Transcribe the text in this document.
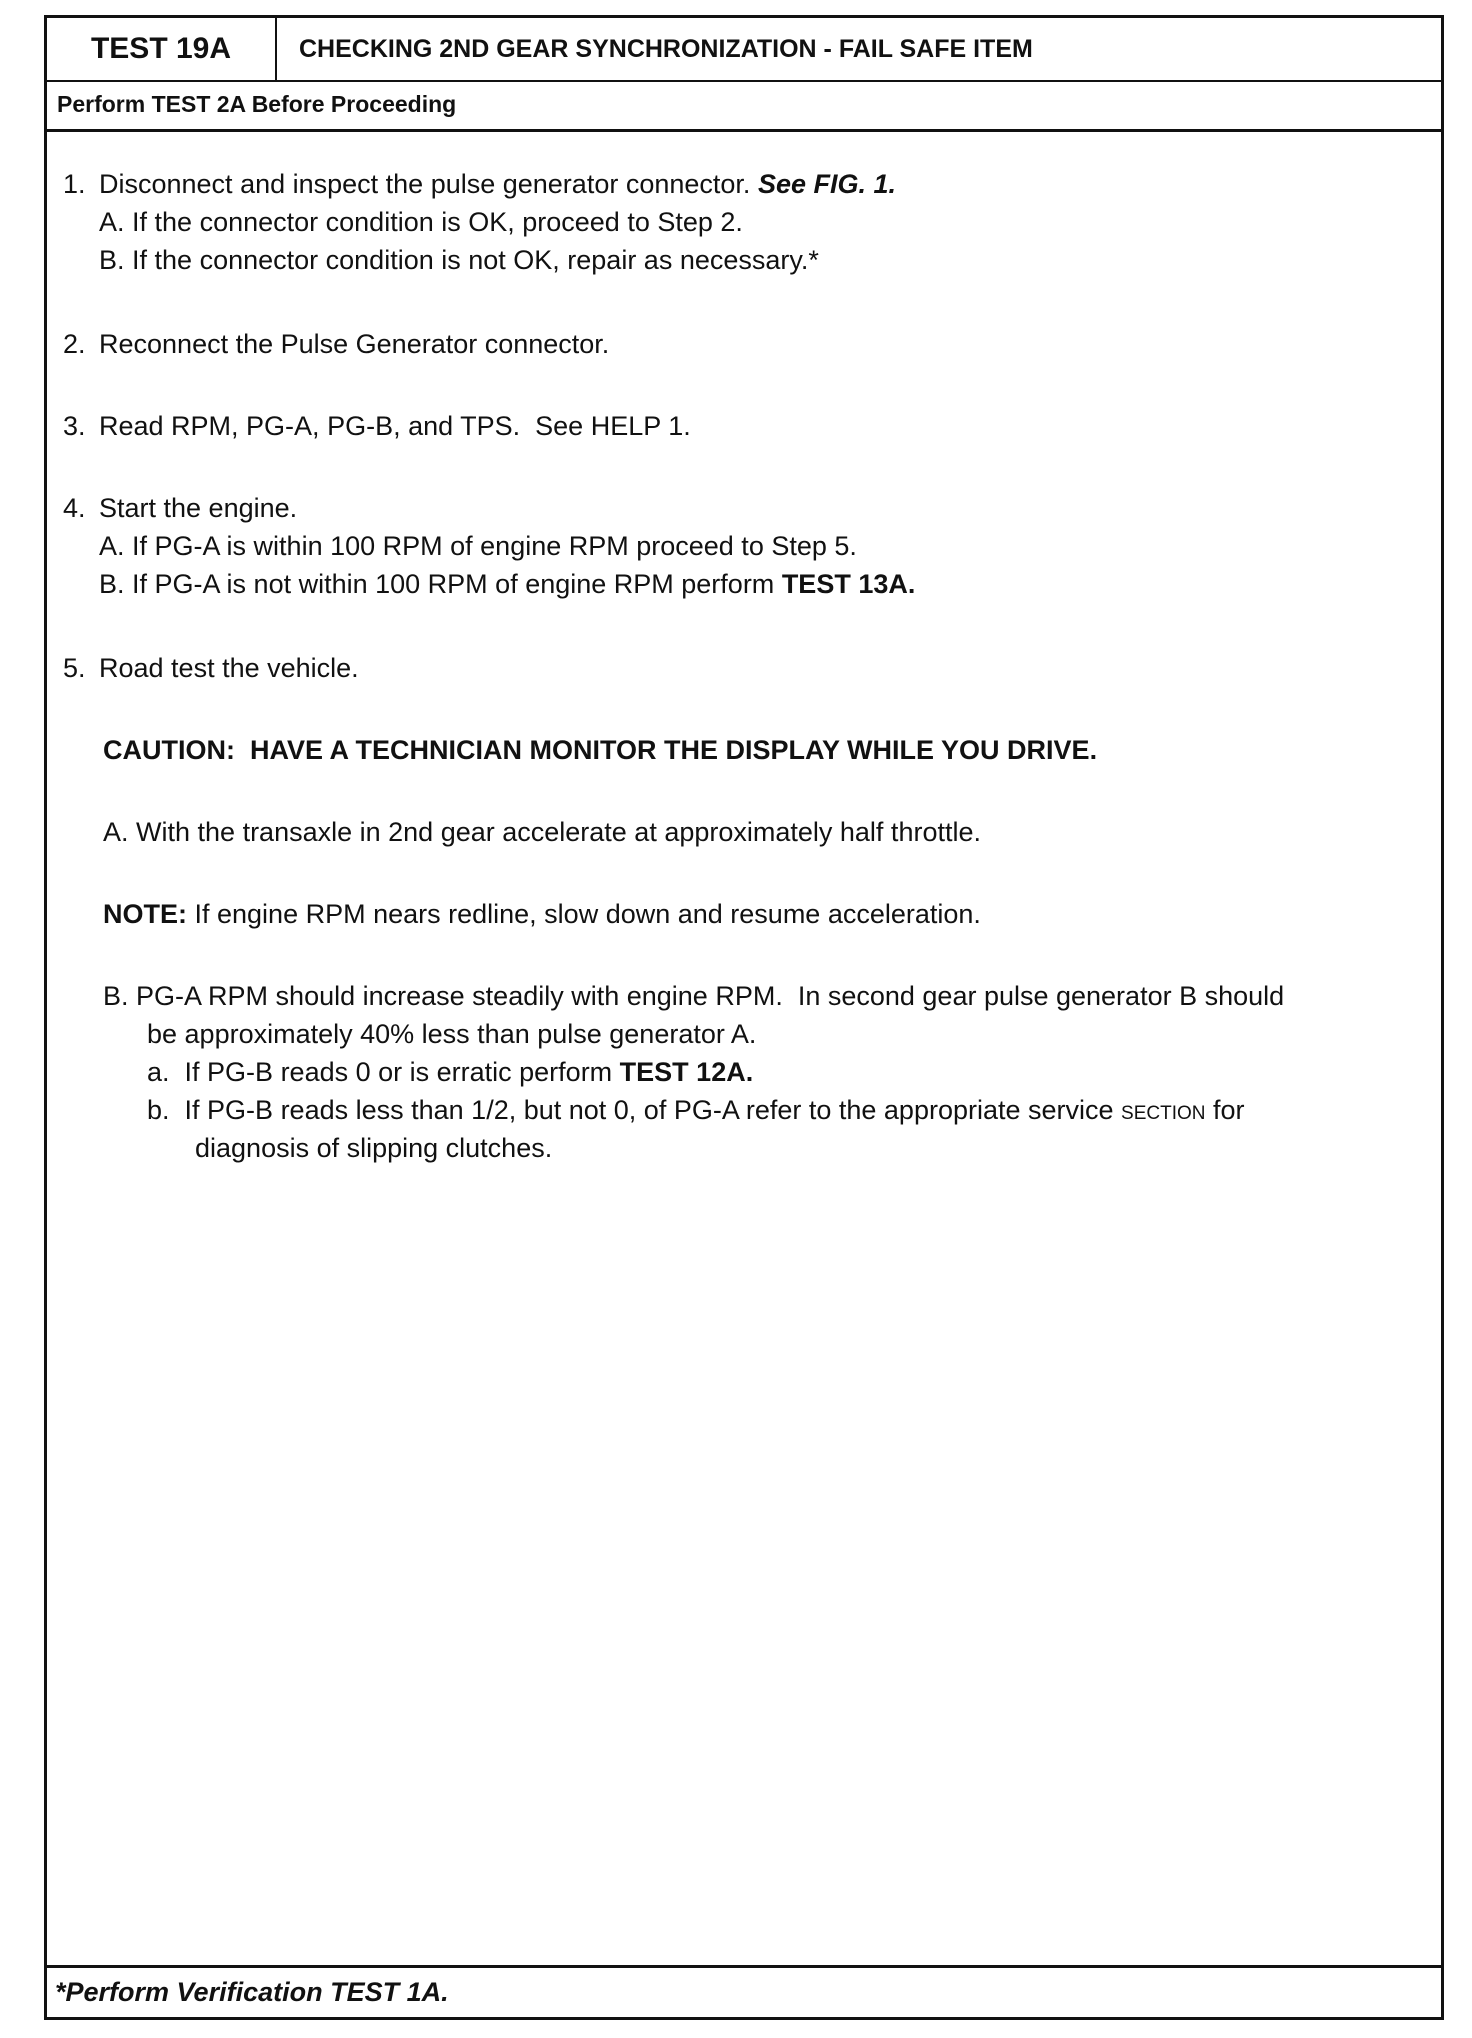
TEST 19A	CHECKING 2ND GEAR SYNCHRONIZATION - FAIL SAFE ITEM
Perform TEST 2A Before Proceeding
1. Disconnect and inspect the pulse generator connector. See FIG. 1.
A. If the connector condition is OK, proceed to Step 2.
B. If the connector condition is not OK, repair as necessary.*
2. Reconnect the Pulse Generator connector.
3. Read RPM, PG-A, PG-B, and TPS.  See HELP 1.
4. Start the engine.
A. If PG-A is within 100 RPM of engine RPM proceed to Step 5.
B. If PG-A is not within 100 RPM of engine RPM perform TEST 13A.
5. Road test the vehicle.
CAUTION:  HAVE A TECHNICIAN MONITOR THE DISPLAY WHILE YOU DRIVE.
A. With the transaxle in 2nd gear accelerate at approximately half throttle.
NOTE: If engine RPM nears redline, slow down and resume acceleration.
B. PG-A RPM should increase steadily with engine RPM.  In second gear pulse generator B should
be approximately 40% less than pulse generator A.
a. If PG-B reads 0 or is erratic perform TEST 12A.
b. If PG-B reads less than 1/2, but not 0, of PG-A refer to the appropriate service SECTION for
diagnosis of slipping clutches.
*Perform Verification TEST 1A.
